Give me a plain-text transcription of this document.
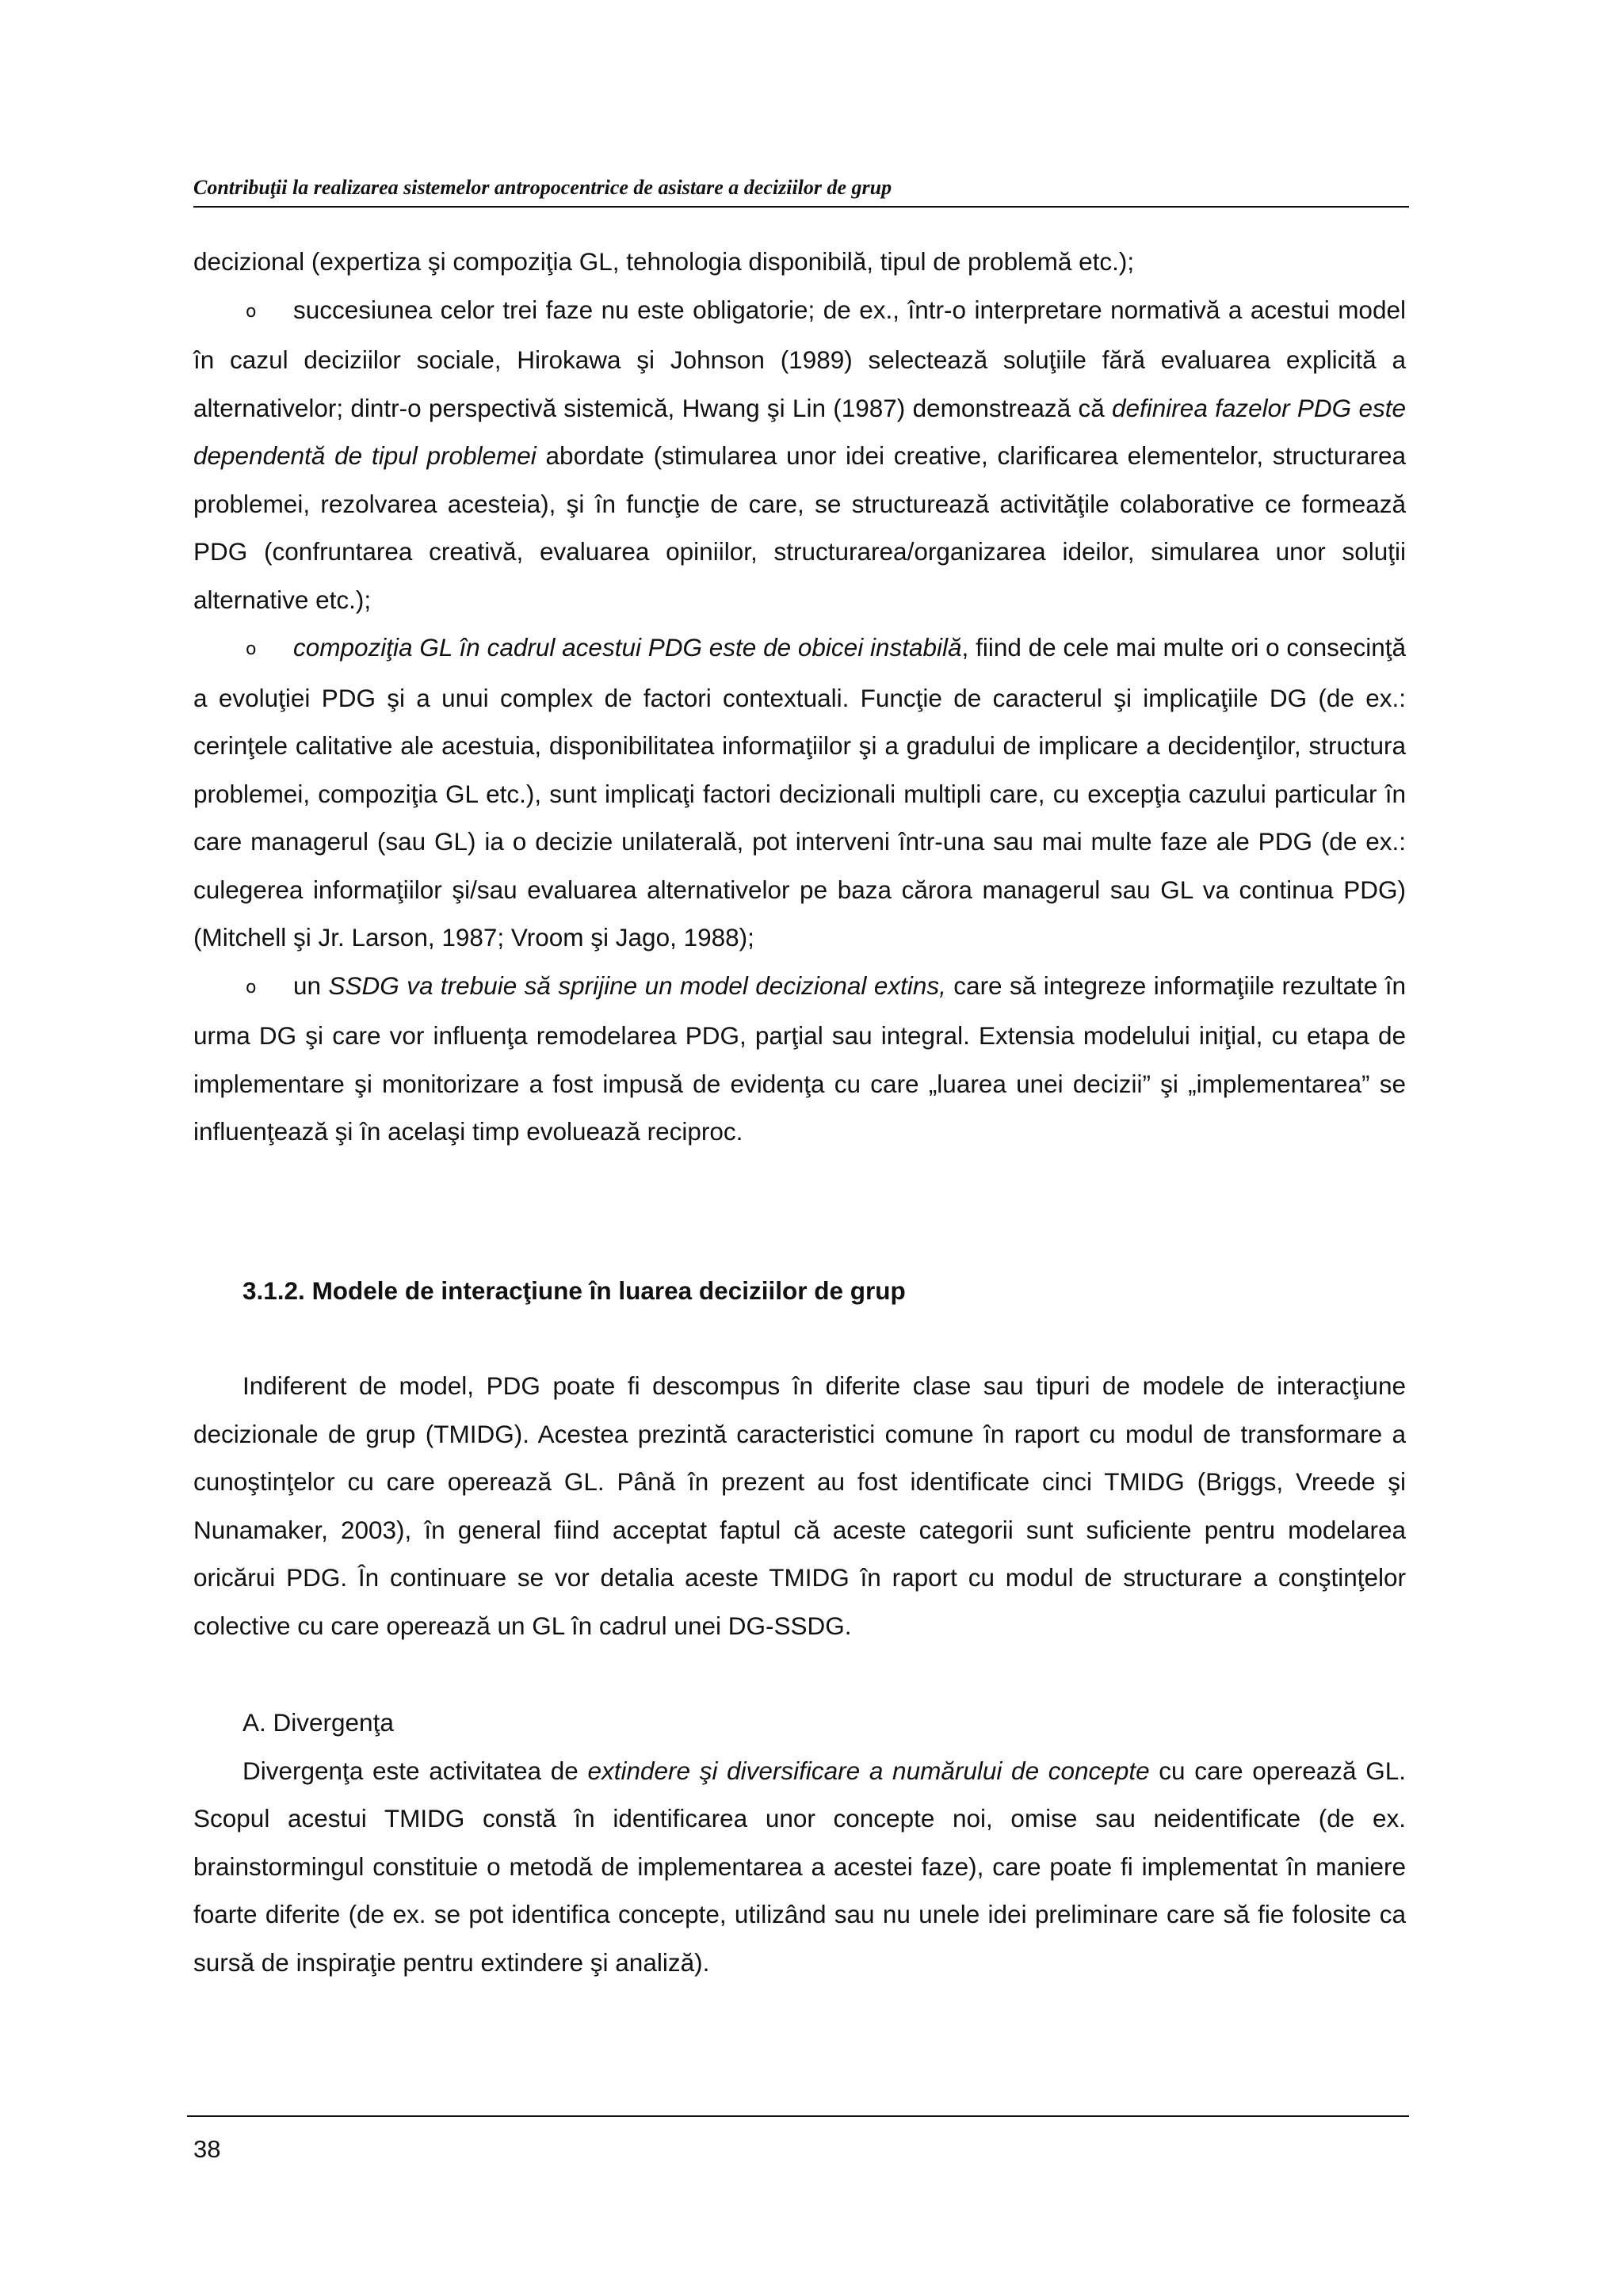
Contribuţii la realizarea sistemelor antropocentrice de asistare a deciziilor de grup

decizional (expertiza şi compoziţia GL, tehnologia disponibilă, tipul de problemă etc.);

o succesiunea celor trei faze nu este obligatorie; de ex., într-o interpretare normativă a acestui model în cazul deciziilor sociale, Hirokawa şi Johnson (1989) selectează soluţiile fără evaluarea explicită a alternativelor; dintr-o perspectivă sistemică, Hwang şi Lin (1987) demonstrează că definirea fazelor PDG este dependentă de tipul problemei abordate (stimularea unor idei creative, clarificarea elementelor, structurarea problemei, rezolvarea acesteia), şi în funcţie de care, se structurează activităţile colaborative ce formează PDG (confruntarea creativă, evaluarea opiniilor, structurarea/organizarea ideilor, simularea unor soluţii alternative etc.);

o compoziţia GL în cadrul acestui PDG este de obicei instabilă, fiind de cele mai multe ori o consecinţă a evoluţiei PDG şi a unui complex de factori contextuali. Funcţie de caracterul şi implicaţiile DG (de ex.: cerinţele calitative ale acestuia, disponibilitatea informaţiilor şi a gradului de implicare a decidenţilor, structura problemei, compoziţia GL etc.), sunt implicaţi factori decizionali multipli care, cu excepţia cazului particular în care managerul (sau GL) ia o decizie unilaterală, pot interveni într-una sau mai multe faze ale PDG (de ex.: culegerea informaţiilor şi/sau evaluarea alternativelor pe baza cărora managerul sau GL va continua PDG) (Mitchell şi Jr. Larson, 1987; Vroom şi Jago, 1988);

o un SSDG va trebuie să sprijine un model decizional extins, care să integreze informaţiile rezultate în urma DG şi care vor influenţa remodelarea PDG, parţial sau integral. Extensia modelului iniţial, cu etapa de implementare şi monitorizare a fost impusă de evidenţa cu care „luarea unei decizii” şi „implementarea” se influenţează şi în acelaşi timp evoluează reciproc.

3.1.2. Modele de interacţiune în luarea deciziilor de grup

Indiferent de model, PDG poate fi descompus în diferite clase sau tipuri de modele de interacţiune decizionale de grup (TMIDG). Acestea prezintă caracteristici comune în raport cu modul de transformare a cunoştinţelor cu care operează GL. Până în prezent au fost identificate cinci TMIDG (Briggs, Vreede şi Nunamaker, 2003), în general fiind acceptat faptul că aceste categorii sunt suficiente pentru modelarea oricărui PDG. În continuare se vor detalia aceste TMIDG în raport cu modul de structurare a conştinţelor colective cu care operează un GL în cadrul unei DG-SSDG.

A. Divergenţa

Divergenţa este activitatea de extindere şi diversificare a numărului de concepte cu care operează GL. Scopul acestui TMIDG constă în identificarea unor concepte noi, omise sau neidentificate (de ex. brainstormingul constituie o metodă de implementarea a acestei faze), care poate fi implementat în maniere foarte diferite (de ex. se pot identifica concepte, utilizând sau nu unele idei preliminare care să fie folosite ca sursă de inspiraţie pentru extindere şi analiză).

38
